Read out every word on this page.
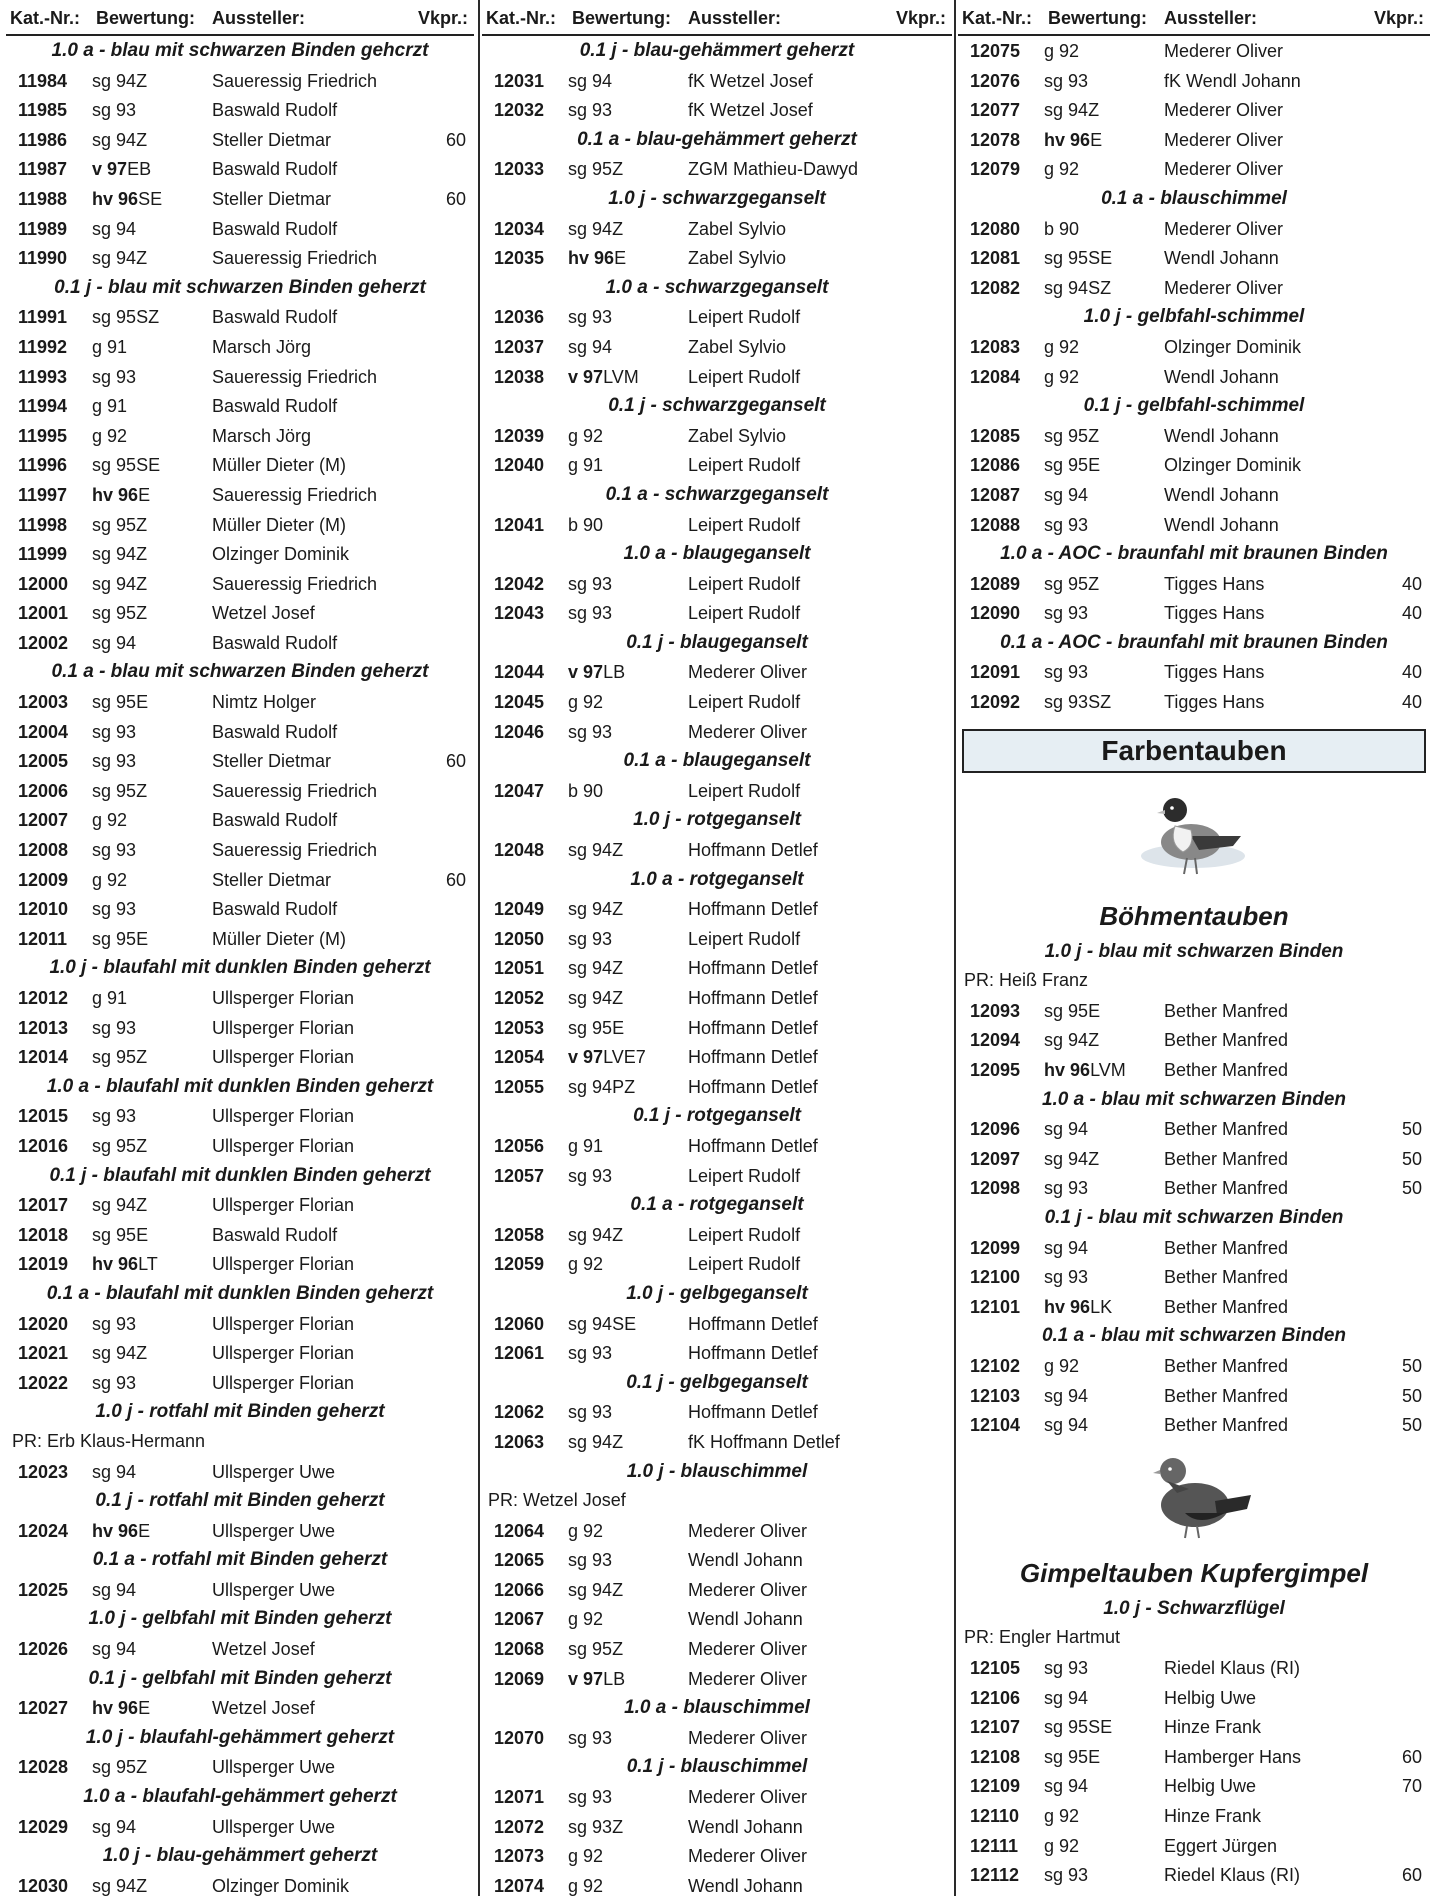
Kat.-Nr.: Bewertung: Aussteller:	Vkpr.:
1.0 a - blau mit schwarzen Binden gehcrzt
11984 sg 94Z	Saueressig Friedrich
11985 sg 93	Baswald Rudolf
11986 sg 94Z	Steller Dietmar	60
11987 v 97EB	Baswald Rudolf
11988 hv 96SE	Steller Dietmar	60
11989 sg 94	Baswald Rudolf
11990 sg 94Z	Saueressig Friedrich
0.1 j - blau mit schwarzen Binden geherzt
11991 sg 95SZ	Baswald Rudolf
11992 g 91	Marsch Jörg
11993 sg 93	Saueressig Friedrich
11994 g 91	Baswald Rudolf
11995 g 92	Marsch Jörg
11996 sg 95SE	Müller Dieter (M)
11997 hv 96E	Saueressig Friedrich
11998 sg 95Z	Müller Dieter (M)
11999 sg 94Z	Olzinger Dominik
12000 sg 94Z	Saueressig Friedrich
12001 sg 95Z	Wetzel Josef
12002 sg 94	Baswald Rudolf
0.1 a - blau mit schwarzen Binden geherzt
12003 sg 95E	Nimtz Holger
12004 sg 93	Baswald Rudolf
12005 sg 93	Steller Dietmar	60
12006 sg 95Z	Saueressig Friedrich
12007 g 92	Baswald Rudolf
12008 sg 93	Saueressig Friedrich
12009 g 92	Steller Dietmar	60
12010 sg 93	Baswald Rudolf
12011 sg 95E	Müller Dieter (M)
1.0 j - blaufahl mit dunklen Binden geherzt
12012 g 91	Ullsperger Florian
12013 sg 93	Ullsperger Florian
12014 sg 95Z	Ullsperger Florian
1.0 a - blaufahl mit dunklen Binden geherzt
12015 sg 93	Ullsperger Florian
12016 sg 95Z	Ullsperger Florian
0.1 j - blaufahl mit dunklen Binden geherzt
12017 sg 94Z	Ullsperger Florian
12018 sg 95E	Baswald Rudolf
12019 hv 96LT	Ullsperger Florian
0.1 a - blaufahl mit dunklen Binden geherzt
12020 sg 93	Ullsperger Florian
12021 sg 94Z	Ullsperger Florian
12022 sg 93	Ullsperger Florian
1.0 j - rotfahl mit Binden geherzt
PR: Erb Klaus-Hermann
12023 sg 94	Ullsperger Uwe
0.1 j - rotfahl mit Binden geherzt
12024 hv 96E	Ullsperger Uwe
0.1 a - rotfahl mit Binden geherzt
12025 sg 94	Ullsperger Uwe
1.0 j - gelbfahl mit Binden geherzt
12026 sg 94	Wetzel Josef
0.1 j - gelbfahl mit Binden geherzt
12027 hv 96E	Wetzel Josef
1.0 j - blaufahl-gehämmert geherzt
12028 sg 95Z	Ullsperger Uwe
1.0 a - blaufahl-gehämmert geherzt
12029 sg 94	Ullsperger Uwe
1.0 j - blau-gehämmert geherzt
12030 sg 94Z	Olzinger Dominik
Kat.-Nr.: Bewertung: Aussteller:	Vkpr.:
0.1 j - blau-gehämmert geherzt
12031 sg 94	fK Wetzel Josef
12032 sg 93	fK Wetzel Josef
0.1 a - blau-gehämmert geherzt
12033 sg 95Z	ZGM Mathieu-Dawyd
1.0 j - schwarzgeganselt
12034 sg 94Z	Zabel Sylvio
12035 hv 96E	Zabel Sylvio
1.0 a - schwarzgeganselt
12036 sg 93	Leipert Rudolf
12037 sg 94	Zabel Sylvio
12038 v 97LVM	Leipert Rudolf
0.1 j - schwarzgeganselt
12039 g 92	Zabel Sylvio
12040 g 91	Leipert Rudolf
0.1 a - schwarzgeganselt
12041 b 90	Leipert Rudolf
1.0 a - blaugeganselt
12042 sg 93	Leipert Rudolf
12043 sg 93	Leipert Rudolf
0.1 j - blaugeganselt
12044 v 97LB	Mederer Oliver
12045 g 92	Leipert Rudolf
12046 sg 93	Mederer Oliver
0.1 a - blaugeganselt
12047 b 90	Leipert Rudolf
1.0 j - rotgeganselt
12048 sg 94Z	Hoffmann Detlef
1.0 a - rotgeganselt
12049 sg 94Z	Hoffmann Detlef
12050 sg 93	Leipert Rudolf
12051 sg 94Z	Hoffmann Detlef
12052 sg 94Z	Hoffmann Detlef
12053 sg 95E	Hoffmann Detlef
12054 v 97LVE7 Hoffmann Detlef
12055 sg 94PZ	Hoffmann Detlef
0.1 j - rotgeganselt
12056 g 91	Hoffmann Detlef
12057 sg 93	Leipert Rudolf
0.1 a - rotgeganselt
12058 sg 94Z	Leipert Rudolf
12059 g 92	Leipert Rudolf
1.0 j - gelbgeganselt
12060 sg 94SE	Hoffmann Detlef
12061 sg 93	Hoffmann Detlef
0.1 j - gelbgeganselt
12062 sg 93	Hoffmann Detlef
12063 sg 94Z	fK Hoffmann Detlef
1.0 j - blauschimmel
PR: Wetzel Josef
12064 g 92	Mederer Oliver
12065 sg 93	Wendl Johann
12066 sg 94Z	Mederer Oliver
12067 g 92	Wendl Johann
12068 sg 95Z	Mederer Oliver
12069 v 97LB	Mederer Oliver
1.0 a - blauschimmel
12070 sg 93	Mederer Oliver
0.1 j - blauschimmel
12071 sg 93	Mederer Oliver
12072 sg 93Z	Wendl Johann
12073 g 92	Mederer Oliver
12074 g 92	Wendl Johann
Kat.-Nr.: Bewertung: Aussteller:	Vkpr.:
12075 g 92	Mederer Oliver
12076 sg 93	fK Wendl Johann
12077 sg 94Z	Mederer Oliver
12078 hv 96E	Mederer Oliver
12079 g 92	Mederer Oliver
0.1 a - blauschimmel
12080 b 90	Mederer Oliver
12081 sg 95SE	Wendl Johann
12082 sg 94SZ	Mederer Oliver
1.0 j - gelbfahl-schimmel
12083 g 92	Olzinger Dominik
12084 g 92	Wendl Johann
0.1 j - gelbfahl-schimmel
12085 sg 95Z	Wendl Johann
12086 sg 95E	Olzinger Dominik
12087 sg 94	Wendl Johann
12088 sg 93	Wendl Johann
1.0 a - AOC - braunfahl mit braunen Binden
12089 sg 95Z	Tigges Hans	40
12090 sg 93	Tigges Hans	40
0.1 a - AOC - braunfahl mit braunen Binden
12091 sg 93	Tigges Hans	40
12092 sg 93SZ	Tigges Hans	40
Farbentauben
Böhmentauben
1.0 j - blau mit schwarzen Binden
PR: Heiß Franz
12093 sg 95E	Bether Manfred
12094 sg 94Z	Bether Manfred
12095 hv 96LVM Bether Manfred
1.0 a - blau mit schwarzen Binden
12096 sg 94	Bether Manfred	50
12097 sg 94Z	Bether Manfred	50
12098 sg 93	Bether Manfred	50
0.1 j - blau mit schwarzen Binden
12099 sg 94	Bether Manfred
12100 sg 93	Bether Manfred
12101 hv 96LK	Bether Manfred
0.1 a - blau mit schwarzen Binden
12102 g 92	Bether Manfred	50
12103 sg 94	Bether Manfred	50
12104 sg 94	Bether Manfred	50
Gimpeltauben Kupfergimpel
1.0 j - Schwarzflügel
PR: Engler Hartmut
12105 sg 93	Riedel Klaus (RI)
12106 sg 94	Helbig Uwe
12107 sg 95SE	Hinze Frank
12108 sg 95E	Hamberger Hans	60
12109 sg 94	Helbig Uwe	70
12110 g 92	Hinze Frank
12111 g 92	Eggert Jürgen
12112 sg 93	Riedel Klaus (RI)	60
